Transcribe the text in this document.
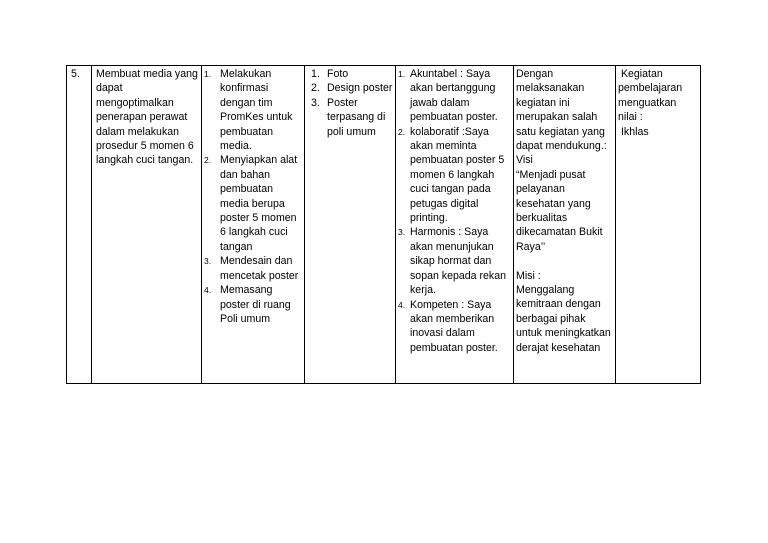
5.	Membuat media yang dapat mengoptimalkan penerapan perawat dalam melakukan prosedur 5 momen 6 langkah cuci tangan.

1. Melakukan konfirmasi dengan tim PromKes untuk pembuatan media.
2. Menyiapkan alat dan bahan pembuatan media berupa poster 5 momen 6 langkah cuci tangan
3. Mendesain dan mencetak poster
4. Memasang poster di ruang Poli umum

1. Foto
2. Design poster
3. Poster terpasang di poli umum

1. Akuntabel : Saya akan bertanggung jawab dalam pembuatan poster.
2. kolaboratif :Saya akan meminta pembuatan poster 5 momen 6 langkah cuci tangan pada petugas digital printing.
3. Harmonis : Saya akan menunjukan sikap hormat dan sopan kepada rekan kerja.
4. Kompeten : Saya akan memberikan inovasi dalam pembuatan poster.

Dengan melaksanakan kegiatan ini merupakan salah satu kegiatan yang dapat mendukung.:
Visi
“Menjadi pusat pelayanan kesehatan yang berkualitas dikecamatan Bukit Raya’’
Misi :
Menggalang kemitraan dengan berbagai pihak untuk meningkatkan derajat kesehatan

Kegiatan pembelajaran menguatkan nilai :
Ikhlas
